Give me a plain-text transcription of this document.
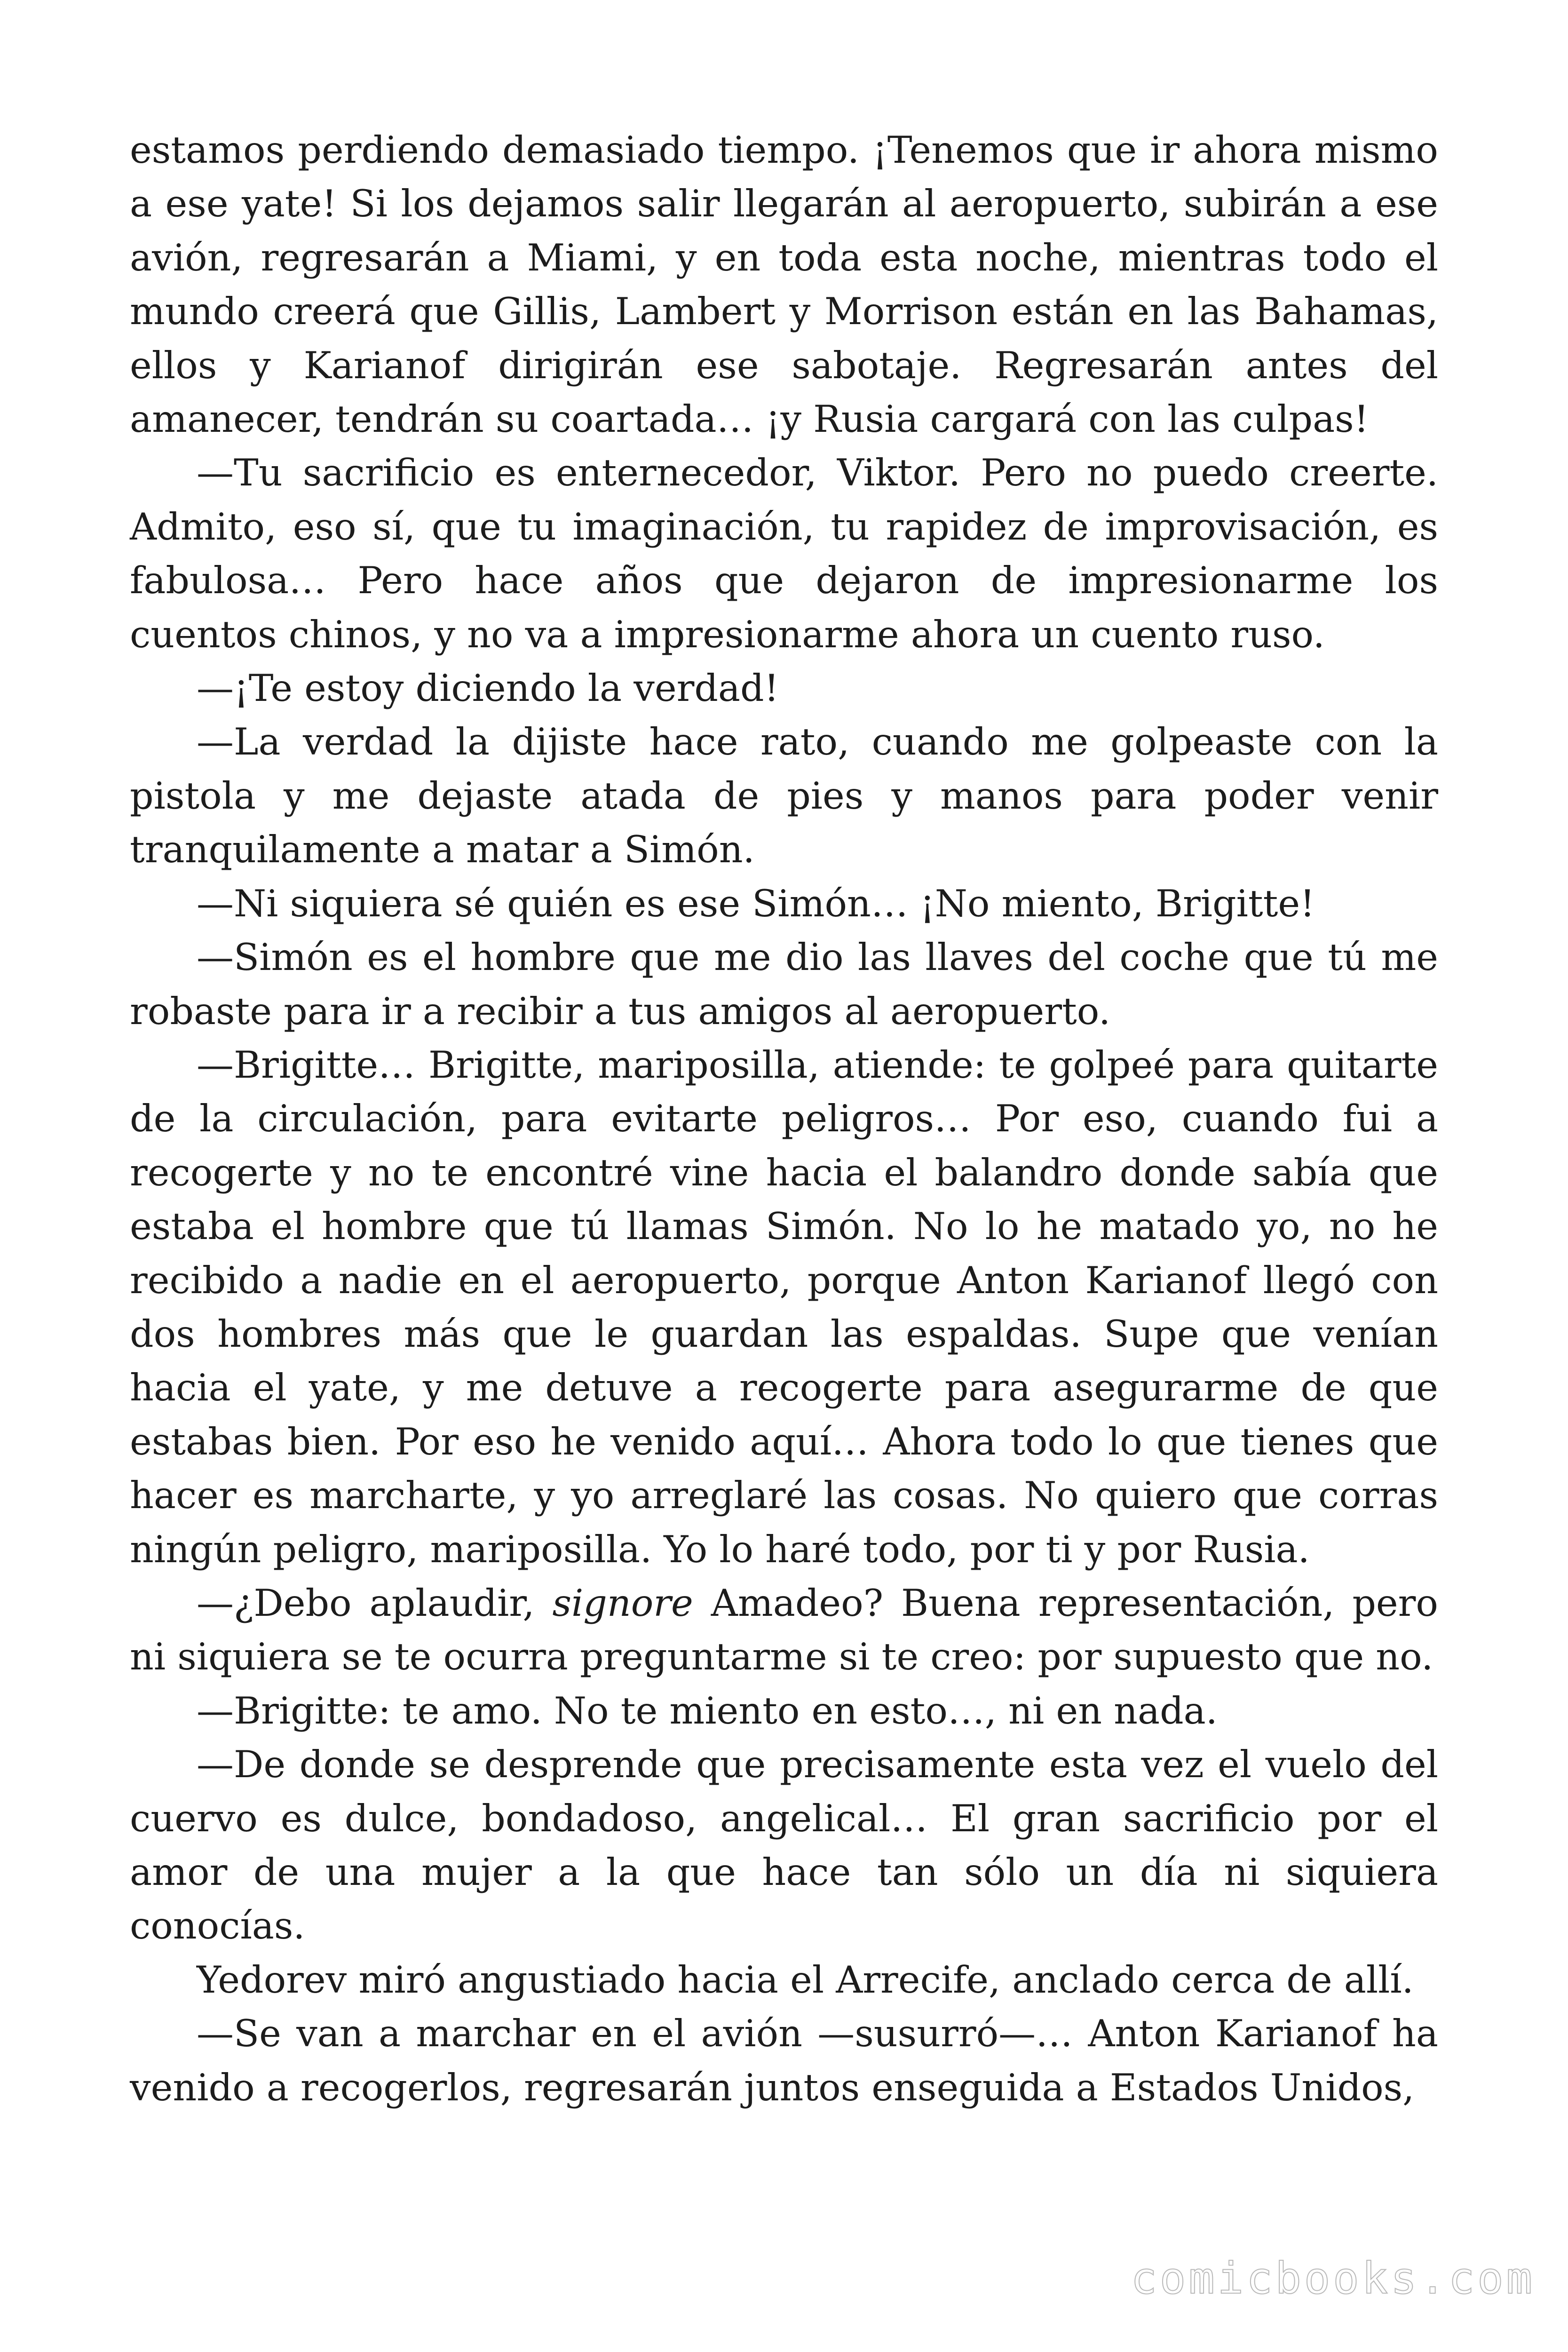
estamos perdiendo demasiado tiempo. ¡Tenemos que ir ahora mismo a ese yate! Si los dejamos salir llegarán al aeropuerto, subirán a ese avión, regresarán a Miami, y en toda esta noche, mientras todo el mundo creerá que Gillis, Lambert y Morrison están en las Bahamas, ellos y Karianof dirigirán ese sabotaje. Regresarán antes del amanecer, tendrán su coartada… ¡y Rusia cargará con las culpas!

—Tu sacrificio es enternecedor, Viktor. Pero no puedo creerte. Admito, eso sí, que tu imaginación, tu rapidez de improvisación, es fabulosa… Pero hace años que dejaron de impresionarme los cuentos chinos, y no va a impresionarme ahora un cuento ruso.

—¡Te estoy diciendo la verdad!

—La verdad la dijiste hace rato, cuando me golpeaste con la pistola y me dejaste atada de pies y manos para poder venir tranquilamente a matar a Simón.

—Ni siquiera sé quién es ese Simón… ¡No miento, Brigitte!

—Simón es el hombre que me dio las llaves del coche que tú me robaste para ir a recibir a tus amigos al aeropuerto.

—Brigitte… Brigitte, mariposilla, atiende: te golpeé para quitarte de la circulación, para evitarte peligros… Por eso, cuando fui a recogerte y no te encontré vine hacia el balandro donde sabía que estaba el hombre que tú llamas Simón. No lo he matado yo, no he recibido a nadie en el aeropuerto, porque Anton Karianof llegó con dos hombres más que le guardan las espaldas. Supe que venían hacia el yate, y me detuve a recogerte para asegurarme de que estabas bien. Por eso he venido aquí… Ahora todo lo que tienes que hacer es marcharte, y yo arreglaré las cosas. No quiero que corras ningún peligro, mariposilla. Yo lo haré todo, por ti y por Rusia.

—¿Debo aplaudir, signore Amadeo? Buena representación, pero ni siquiera se te ocurra preguntarme si te creo: por supuesto que no.

—Brigitte: te amo. No te miento en esto…, ni en nada.

—De donde se desprende que precisamente esta vez el vuelo del cuervo es dulce, bondadoso, angelical… El gran sacrificio por el amor de una mujer a la que hace tan sólo un día ni siquiera conocías.

Yedorev miró angustiado hacia el Arrecife, anclado cerca de allí.

—Se van a marchar en el avión —susurró—… Anton Karianof ha venido a recogerlos, regresarán juntos enseguida a Estados Unidos,

comicbooks.com
